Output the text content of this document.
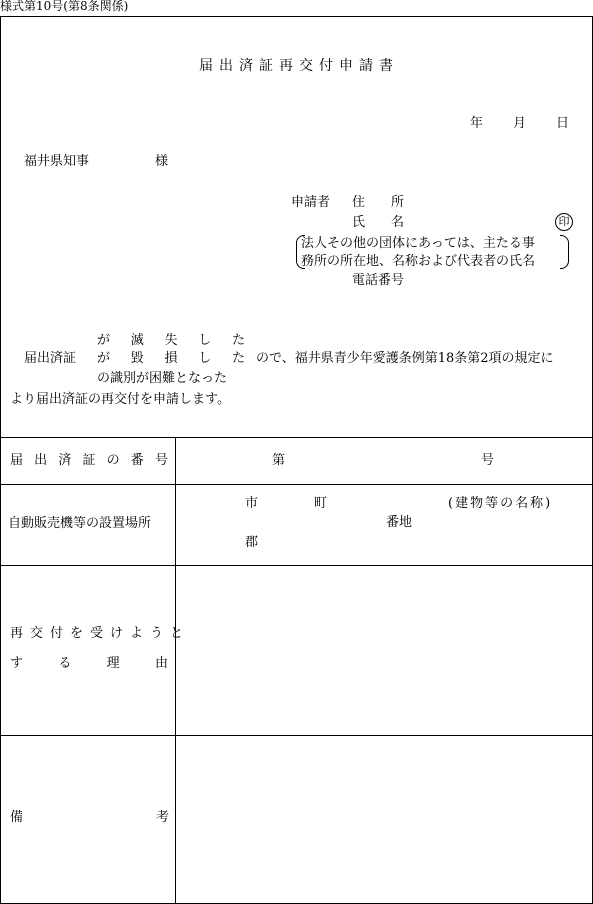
様式第10号(第8条関係)
届出済証再交付申請書
年 月 日
福井県知事	様
申請者 住　　所
氏　　名	印
法人その他の団体にあっては、主たる事
務所の所在地、名称および代表者の氏名
電話番号
が 滅 失 し た
届出済証 が 毀 損 し た ので、福井県青少年愛護条例第18条第2項の規定に
の識別が困難となった
より届出済証の再交付を申請します。
届 出 済 証 の 番 号	第	号
自動販売機等の設置場所
市	町	(建物等の名称)
番地
郡
再交付を受けようと
す	る	理	由
備	考
